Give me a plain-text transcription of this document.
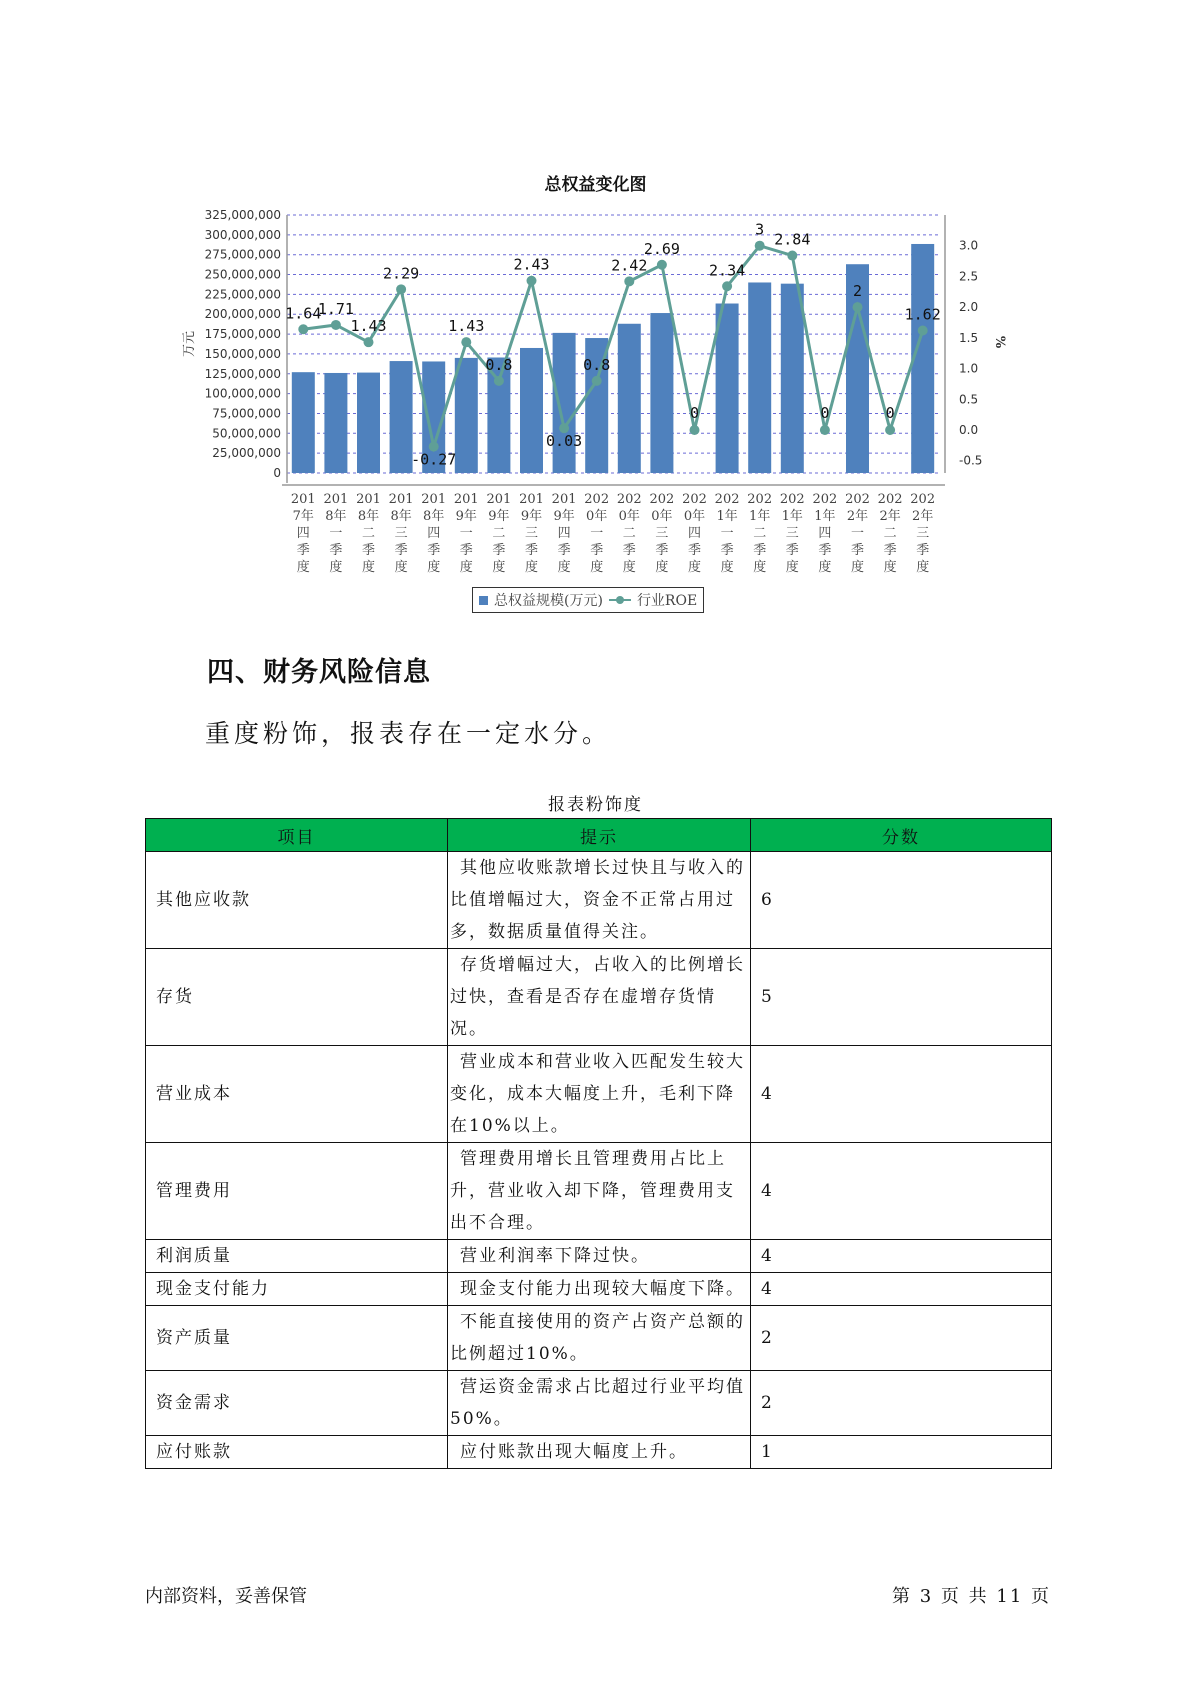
总权益变化图
325,000,000
300,000,000
275,000,000
250,000,000
225,000,000
200,000,000
175,000,000
150,000,000
125,000,000
100,000,000
75,000,000
50,000,000
25,000,000
0
3.0
2.5
2.0
1.5
1.0
0.5
0.0
-0.5
万元	%
1.64
1.71
1.43
2.29
-0.27
1.43
0.8
2.43
0.03
0.8
2.42
2.69
0
2.34
3
2.84
0
2
0
1.62
201
7年
四
季
度
201
8年
一
季
度
201
8年
二
季
度
201
8年
三
季
度
201
8年
四
季
度
201
9年
一
季
度
201
9年
二
季
度
201
9年
三
季
度
201
9年
四
季
度
202
0年
一
季
度
202
0年
二
季
度
202
0年
三
季
度
202
0年
四
季
度
202
1年
一
季
度
202
1年
二
季
度
202
1年
三
季
度
202
1年
四
季
度
202
2年
一
季
度
202
2年
二
季
度
202
2年
三
季
度
总权益规模(万元) 行业ROE
四、财务风险信息
重度粉饰，报表存在一定水分。
报表粉饰度
项目	提示	分数
其他应收款	其他应收账款增长过快且与收入的比值增幅过大，资金不正常占用过多，数据质量值得关注。	6
存货	存货增幅过大，占收入的比例增长过快，查看是否存在虚增存货情况。	5
营业成本	营业成本和营业收入匹配发生较大变化，成本大幅度上升，毛利下降在10%以上。	4
管理费用	管理费用增长且管理费用占比上升，营业收入却下降，管理费用支出不合理。	4
利润质量	营业利润率下降过快。	4
现金支付能力	现金支付能力出现较大幅度下降。	4
资产质量	不能直接使用的资产占资产总额的比例超过10%。	2
资金需求	营运资金需求占比超过行业平均值50%。	2
应付账款	应付账款出现大幅度上升。	1
内部资料，妥善保管	第 3 页 共 11 页
